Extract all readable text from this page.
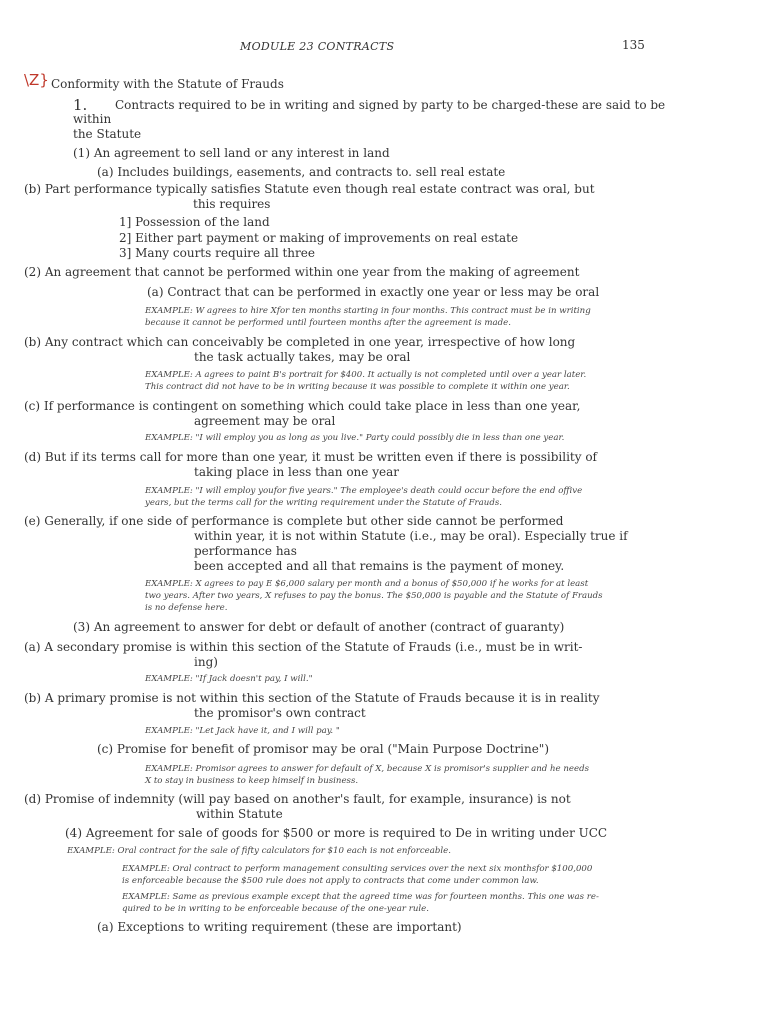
MODULE 23 CONTRACTS	135
\Z} Conformity with the Statute of Frauds
1. Contracts required to be in writing and signed by party to be charged-these are said to be
within
the Statute
(1) An agreement to sell land or any interest in land
(a) Includes buildings, easements, and contracts to. sell real estate
(b) Part performance typically satisfies Statute even though real estate contract was oral, but
this requires
1] Possession of the land
2] Either part payment or making of improvements on real estate
3] Many courts require all three
(2) An agreement that cannot be performed within one year from the making of agreement
(a) Contract that can be performed in exactly one year or less may be oral
EXAMPLE: W agrees to hire Xfor ten months starting in four months. This contract must be in writing
because it cannot be performed until fourteen months after the agreement is made.
(b) Any contract which can conceivably be completed in one year, irrespective of how long
the task actually takes, may be oral
EXAMPLE: A agrees to paint B's portrait for $400. It actually is not completed until over a year later.
This contract did not have to be in writing because it was possible to complete it within one year.
(c) If performance is contingent on something which could take place in less than one year,
agreement may be oral
EXAMPLE: "I will employ you as long as you live." Party could possibly die in less than one year.
(d) But if its terms call for more than one year, it must be written even if there is possibility of
taking place in less than one year
EXAMPLE: "I will employ youfor five years." The employee's death could occur before the end offive
years, but the terms call for the writing requirement under the Statute of Frauds.
(e) Generally, if one side of performance is complete but other side cannot be performed
within year, it is not within Statute (i.e., may be oral). Especially true if
performance has
been accepted and all that remains is the payment of money.
EXAMPLE: X agrees to pay E $6,000 salary per month and a bonus of $50,000 if he works for at least
two years. After two years, X refuses to pay the bonus. The $50,000 is payable and the Statute of Frauds
is no defense here.
(3) An agreement to answer for debt or default of another (contract of guaranty)
(a) A secondary promise is within this section of the Statute of Frauds (i.e., must be in writ-
ing)
EXAMPLE: "If Jack doesn't pay, I will."
(b) A primary promise is not within this section of the Statute of Frauds because it is in reality
the promisor's own contract
EXAMPLE: "Let Jack have it, and I will pay. "
(c) Promise for benefit of promisor may be oral ("Main Purpose Doctrine")
EXAMPLE: Promisor agrees to answer for default of X, because X is promisor's supplier and he needs
X to stay in business to keep himself in business.
(d) Promise of indemnity (will pay based on another's fault, for example, insurance) is not
within Statute
(4) Agreement for sale of goods for $500 or more is required to De in writing under UCC
EXAMPLE: Oral contract for the sale of fifty calculators for $10 each is not enforceable.
EXAMPLE: Oral contract to perform management consulting services over the next six monthsfor $100,000
is enforceable because the $500 rule does not apply to contracts that come under common law.
EXAMPLE: Same as previous example except that the agreed time was for fourteen months. This one was re-
quired to be in writing to be enforceable because of the one-year rule.
(a) Exceptions to writing requirement (these are important)
